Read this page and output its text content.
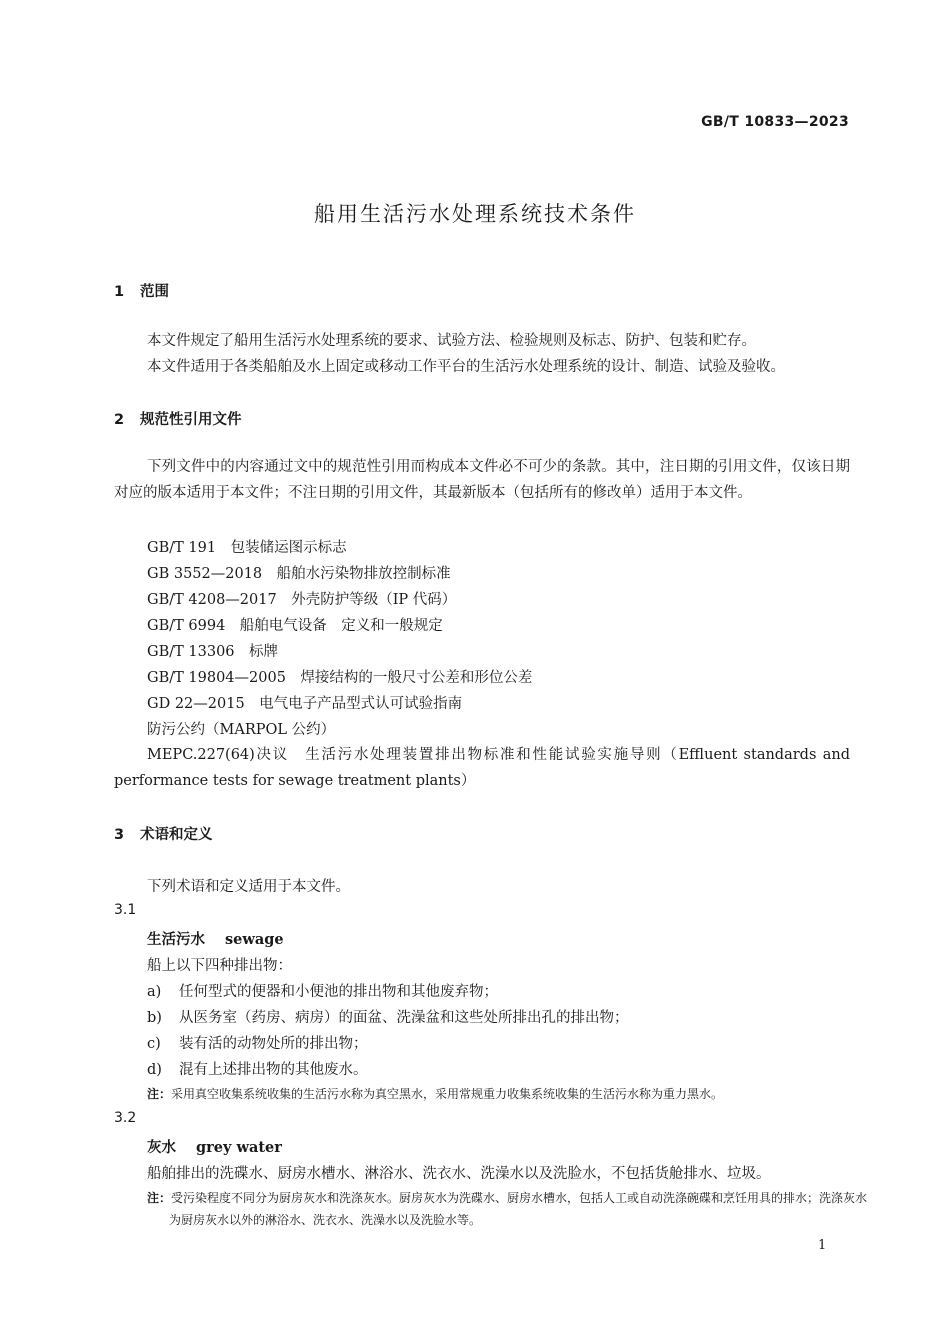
GB/T 10833—2023
船用生活污水处理系统技术条件
1 范围
本文件规定了船用生活污水处理系统的要求、试验方法、检验规则及标志、防护、包装和贮存。
本文件适用于各类船舶及水上固定或移动工作平台的生活污水处理系统的设计、制造、试验及验收。
2 规范性引用文件
下列文件中的内容通过文中的规范性引用而构成本文件必不可少的条款。其中，注日期的引用文件，仅该日期对应的版本适用于本文件；不注日期的引用文件，其最新版本（包括所有的修改单）适用于本文件。
GB/T 191　包装储运图示标志
GB 3552—2018　船舶水污染物排放控制标准
GB/T 4208—2017　外壳防护等级（IP 代码）
GB/T 6994　船舶电气设备　定义和一般规定
GB/T 13306　标牌
GB/T 19804—2005　焊接结构的一般尺寸公差和形位公差
GD 22—2015　电气电子产品型式认可试验指南
防污公约（MARPOL 公约）
MEPC.227(64)决议　生活污水处理装置排出物标准和性能试验实施导则（Effluent standards and performance tests for sewage treatment plants）
3 术语和定义
下列术语和定义适用于本文件。
3.1
生活污水 sewage
船上以下四种排出物：
a) 任何型式的便器和小便池的排出物和其他废弃物；
b) 从医务室（药房、病房）的面盆、洗澡盆和这些处所排出孔的排出物；
c) 装有活的动物处所的排出物；
d) 混有上述排出物的其他废水。
注：采用真空收集系统收集的生活污水称为真空黑水，采用常规重力收集系统收集的生活污水称为重力黑水。
3.2
灰水 grey water
船舶排出的洗碟水、厨房水槽水、淋浴水、洗衣水、洗澡水以及洗脸水，不包括货舱排水、垃圾。
注：受污染程度不同分为厨房灰水和洗涤灰水。厨房灰水为洗碟水、厨房水槽水，包括人工或自动洗涤碗碟和烹饪用具的排水；洗涤灰水为厨房灰水以外的淋浴水、洗衣水、洗澡水以及洗脸水等。
1
